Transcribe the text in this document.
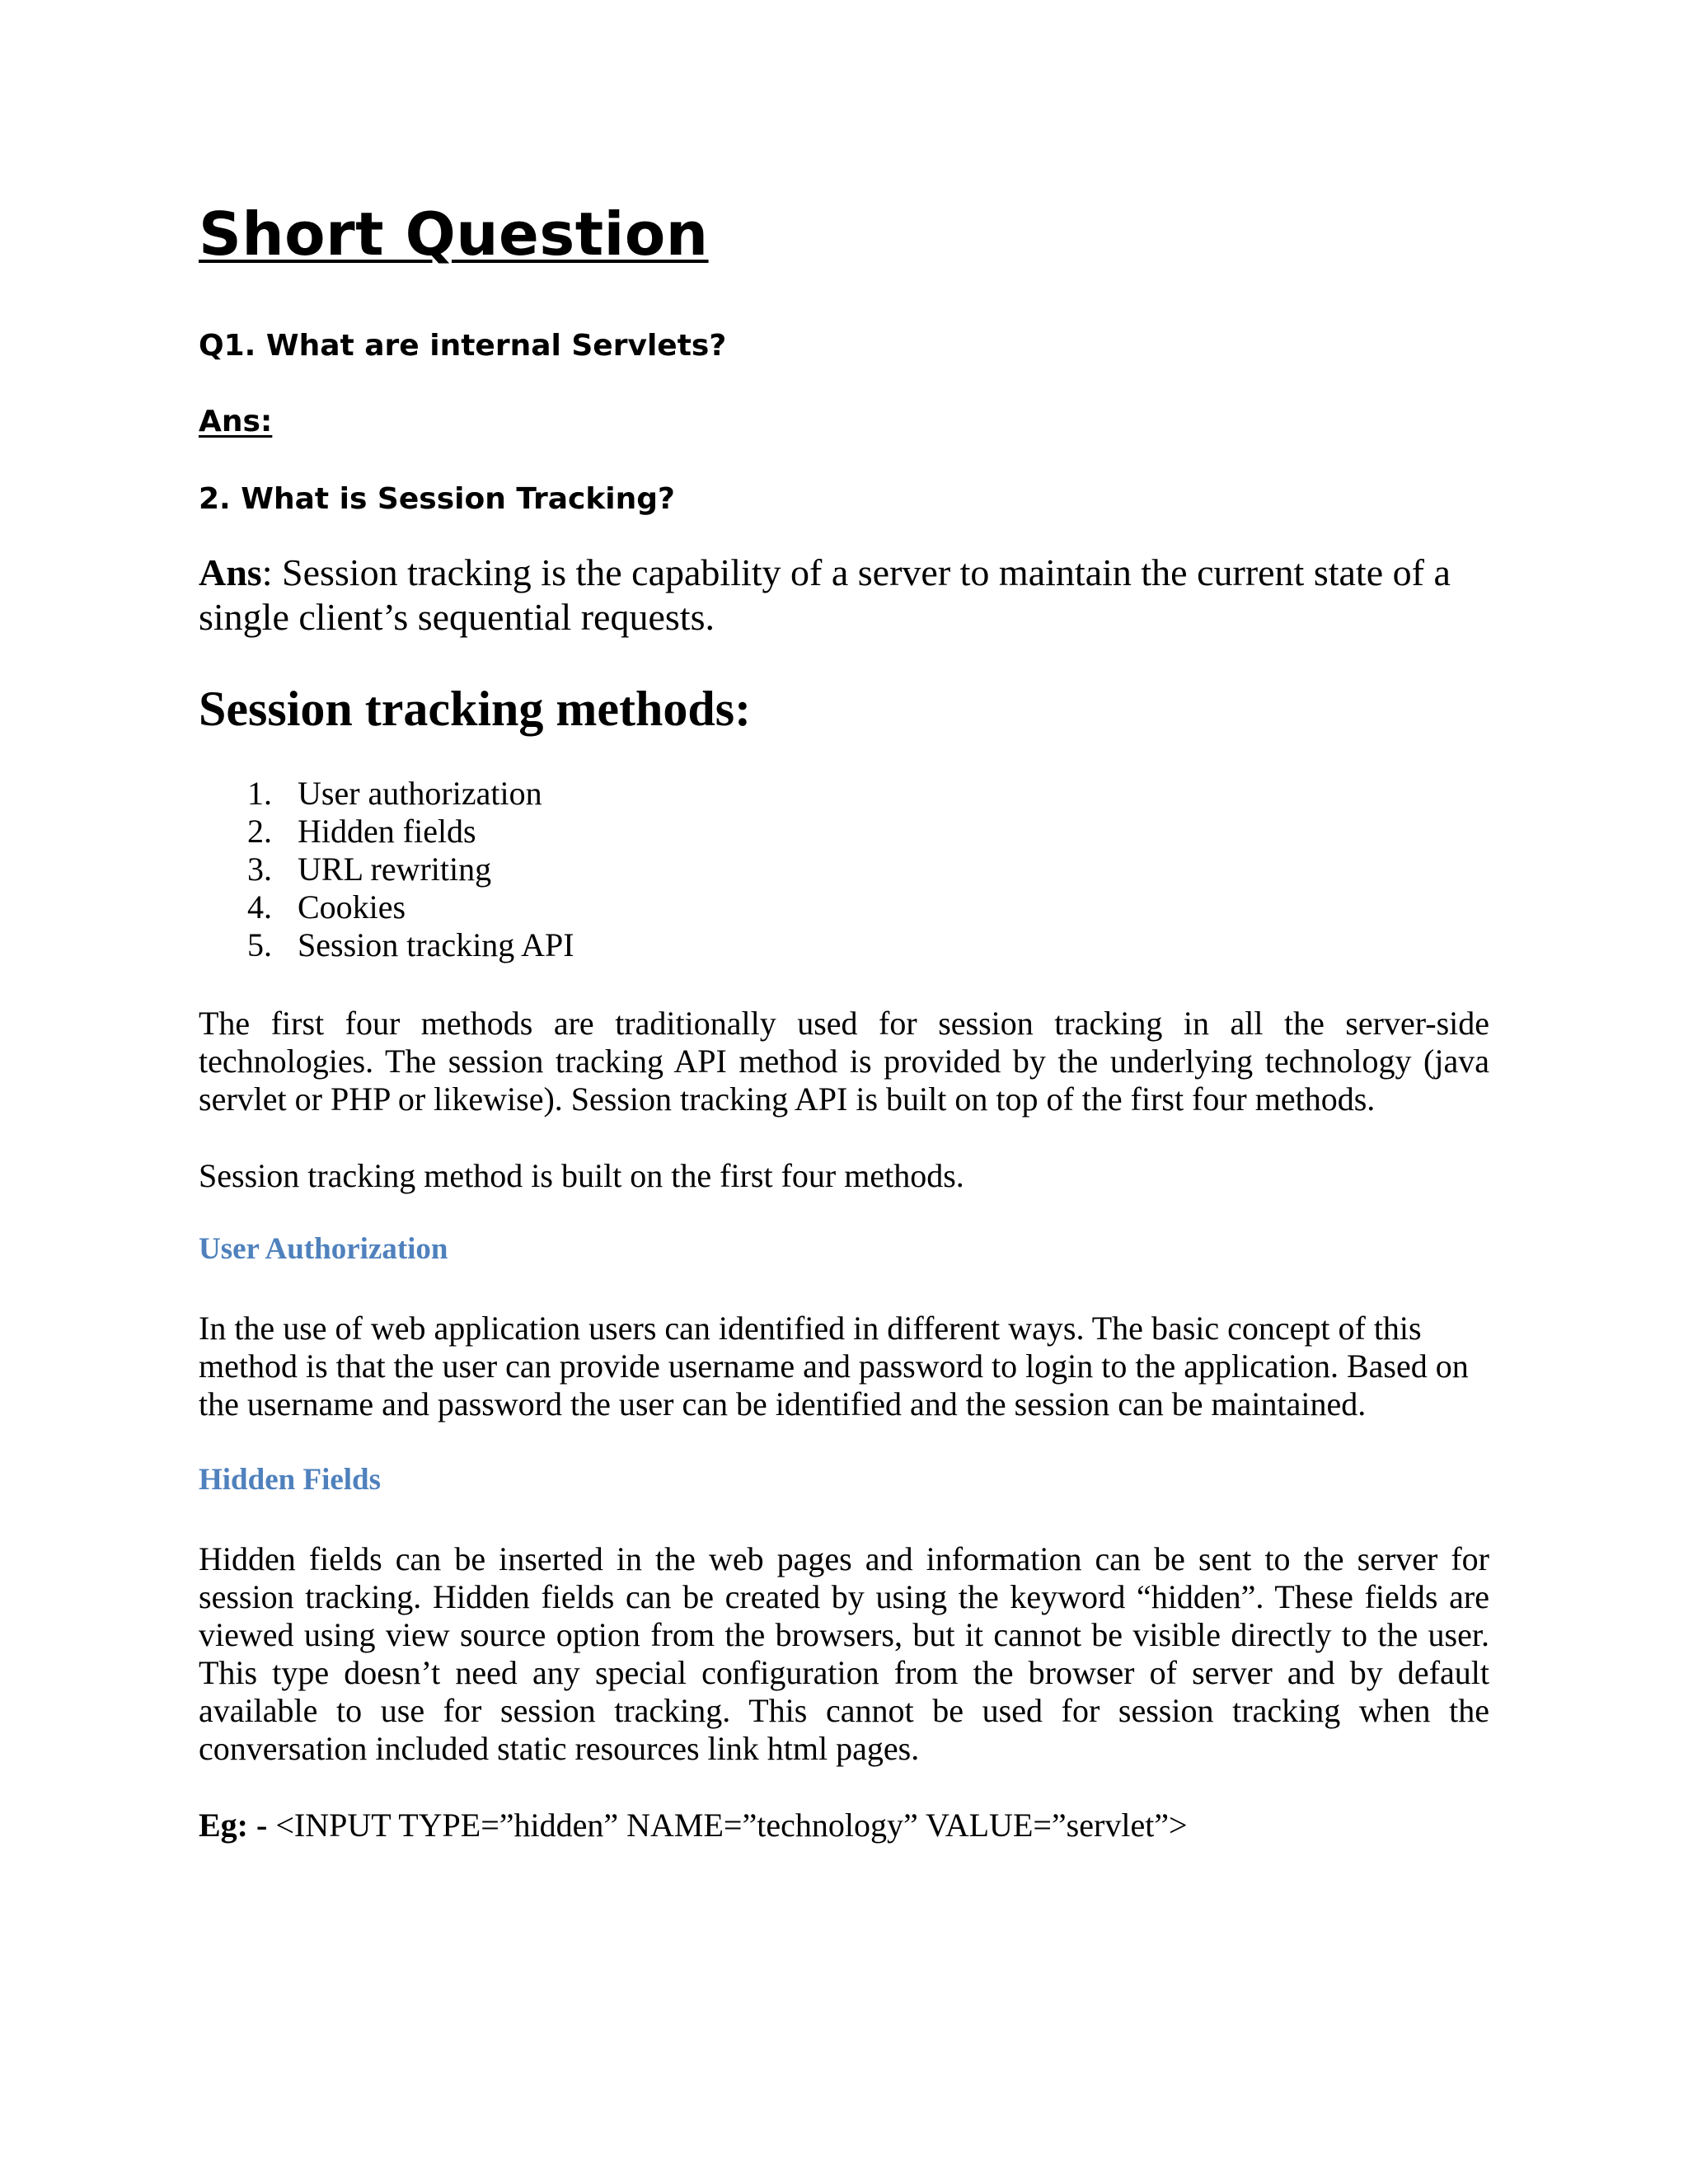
Short Question
Q1. What are internal Servlets?
Ans:
2. What is Session Tracking?

Ans: Session tracking is the capability of a server to maintain the current state of a single client’s sequential requests.

Session tracking methods:
1. User authorization
2. Hidden fields
3. URL rewriting
4. Cookies
5. Session tracking API

The first four methods are traditionally used for session tracking in all the server-side technologies. The session tracking API method is provided by the underlying technology (java servlet or PHP or likewise). Session tracking API is built on top of the first four methods.

Session tracking method is built on the first four methods.

User Authorization

In the use of web application users can identified in different ways. The basic concept of this method is that the user can provide username and password to login to the application. Based on the username and password the user can be identified and the session can be maintained.

Hidden Fields

Hidden fields can be inserted in the web pages and information can be sent to the server for session tracking. Hidden fields can be created by using the keyword “hidden”. These fields are viewed using view source option from the browsers, but it cannot be visible directly to the user. This type doesn’t need any special configuration from the browser of server and by default available to use for session tracking. This cannot be used for session tracking when the conversation included static resources link html pages.

Eg: - <INPUT TYPE=”hidden” NAME=”technology” VALUE=”servlet”>
